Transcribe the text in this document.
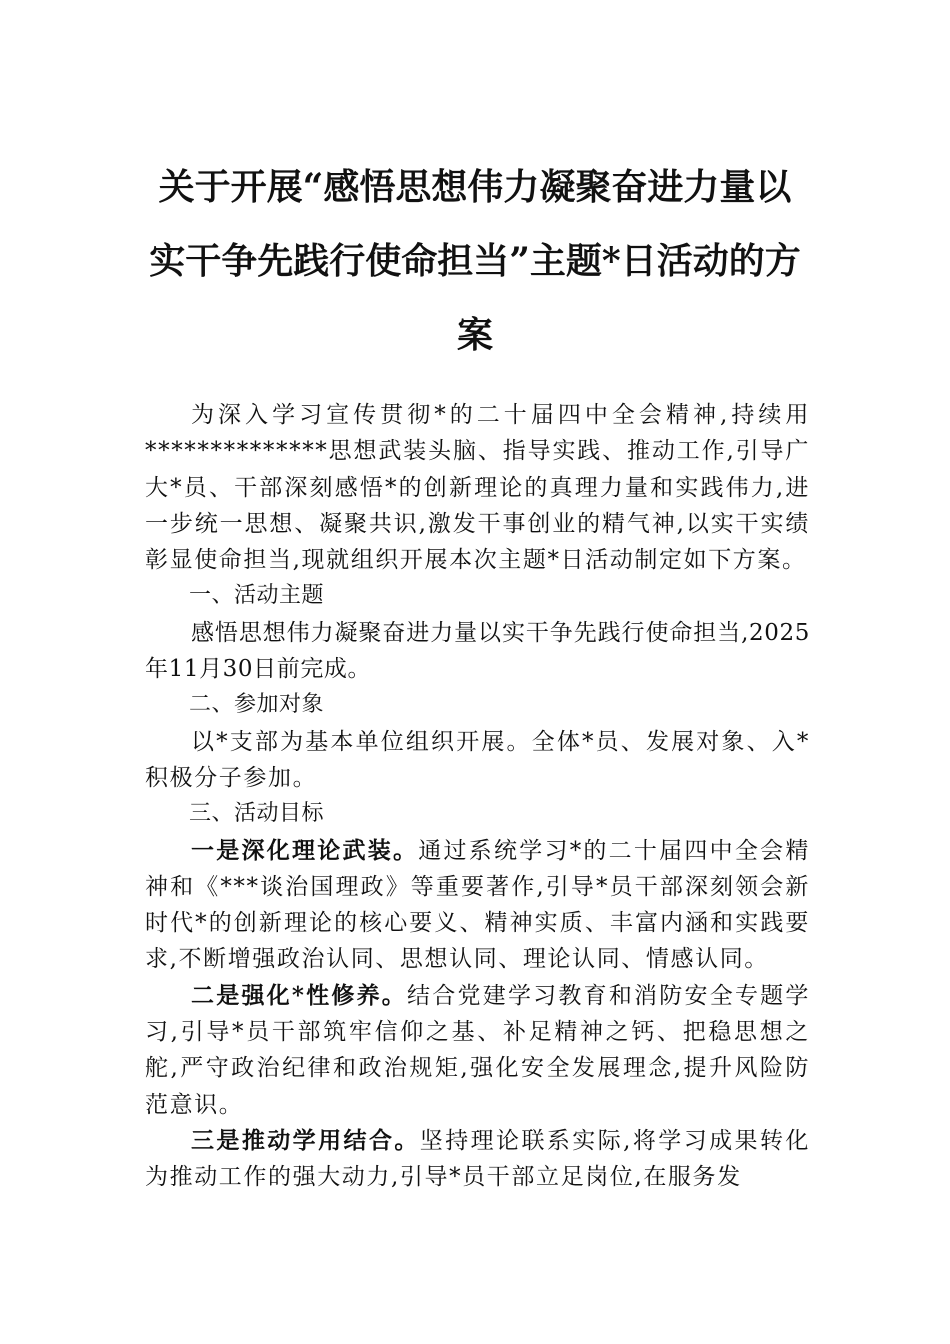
关于开展“感悟思想伟力凝聚奋进力量以
实干争先践行使命担当”主题*日活动的方
案

为深入学习宣传贯彻*的二十届四中全会精神,持续用**************思想武装头脑、指导实践、推动工作,引导广大*员、干部深刻感悟*的创新理论的真理力量和实践伟力,进一步统一思想、凝聚共识,激发干事创业的精气神,以实干实绩彰显使命担当,现就组织开展本次主题*日活动制定如下方案。

一、活动主题

感悟思想伟力凝聚奋进力量以实干争先践行使命担当,2025年11月30日前完成。

二、参加对象

以*支部为基本单位组织开展。全体*员、发展对象、入*积极分子参加。

三、活动目标

一是深化理论武装。通过系统学习*的二十届四中全会精神和《***谈治国理政》等重要著作,引导*员干部深刻领会新时代*的创新理论的核心要义、精神实质、丰富内涵和实践要求,不断增强政治认同、思想认同、理论认同、情感认同。

二是强化*性修养。结合党建学习教育和消防安全专题学习,引导*员干部筑牢信仰之基、补足精神之钙、把稳思想之舵,严守政治纪律和政治规矩,强化安全发展理念,提升风险防范意识。

三是推动学用结合。坚持理论联系实际,将学习成果转化为推动工作的强大动力,引导*员干部立足岗位,在服务发
